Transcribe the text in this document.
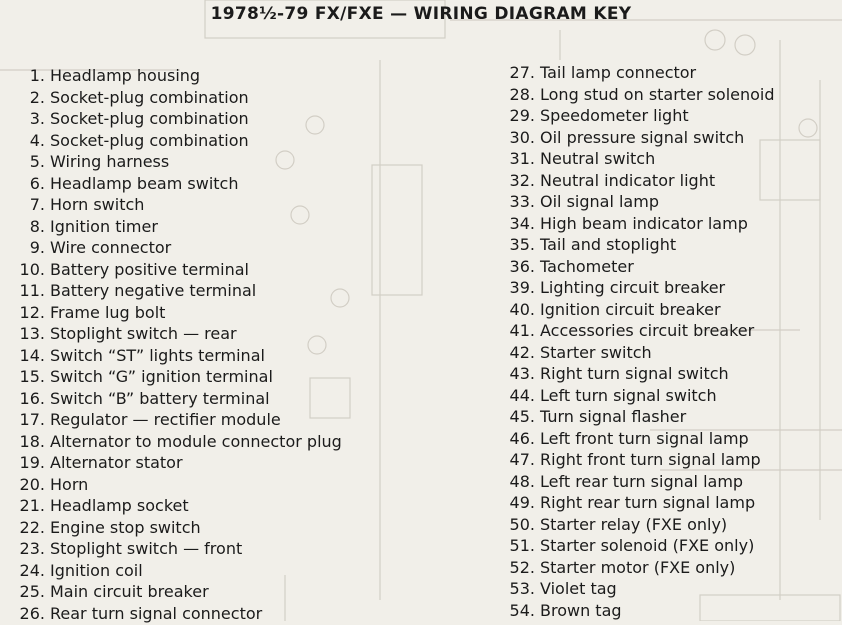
1978½-79 FX/FXE — WIRING DIAGRAM KEY
1. Headlamp housing
2. Socket-plug combination
3. Socket-plug combination
4. Socket-plug combination
5. Wiring harness
6. Headlamp beam switch
7. Horn switch
8. Ignition timer
9. Wire connector
10. Battery positive terminal
11. Battery negative terminal
12. Frame lug bolt
13. Stoplight switch — rear
14. Switch “ST” lights terminal
15. Switch “G” ignition terminal
16. Switch “B” battery terminal
17. Regulator — rectifier module
18. Alternator to module connector plug
19. Alternator stator
20. Horn
21. Headlamp socket
22. Engine stop switch
23. Stoplight switch — front
24. Ignition coil
25. Main circuit breaker
26. Rear turn signal connector
27. Tail lamp connector
28. Long stud on starter solenoid
29. Speedometer light
30. Oil pressure signal switch
31. Neutral switch
32. Neutral indicator light
33. Oil signal lamp
34. High beam indicator lamp
35. Tail and stoplight
36. Tachometer
39. Lighting circuit breaker
40. Ignition circuit breaker
41. Accessories circuit breaker
42. Starter switch
43. Right turn signal switch
44. Left turn signal switch
45. Turn signal flasher
46. Left front turn signal lamp
47. Right front turn signal lamp
48. Left rear turn signal lamp
49. Right rear turn signal lamp
50. Starter relay (FXE only)
51. Starter solenoid (FXE only)
52. Starter motor (FXE only)
53. Violet tag
54. Brown tag
